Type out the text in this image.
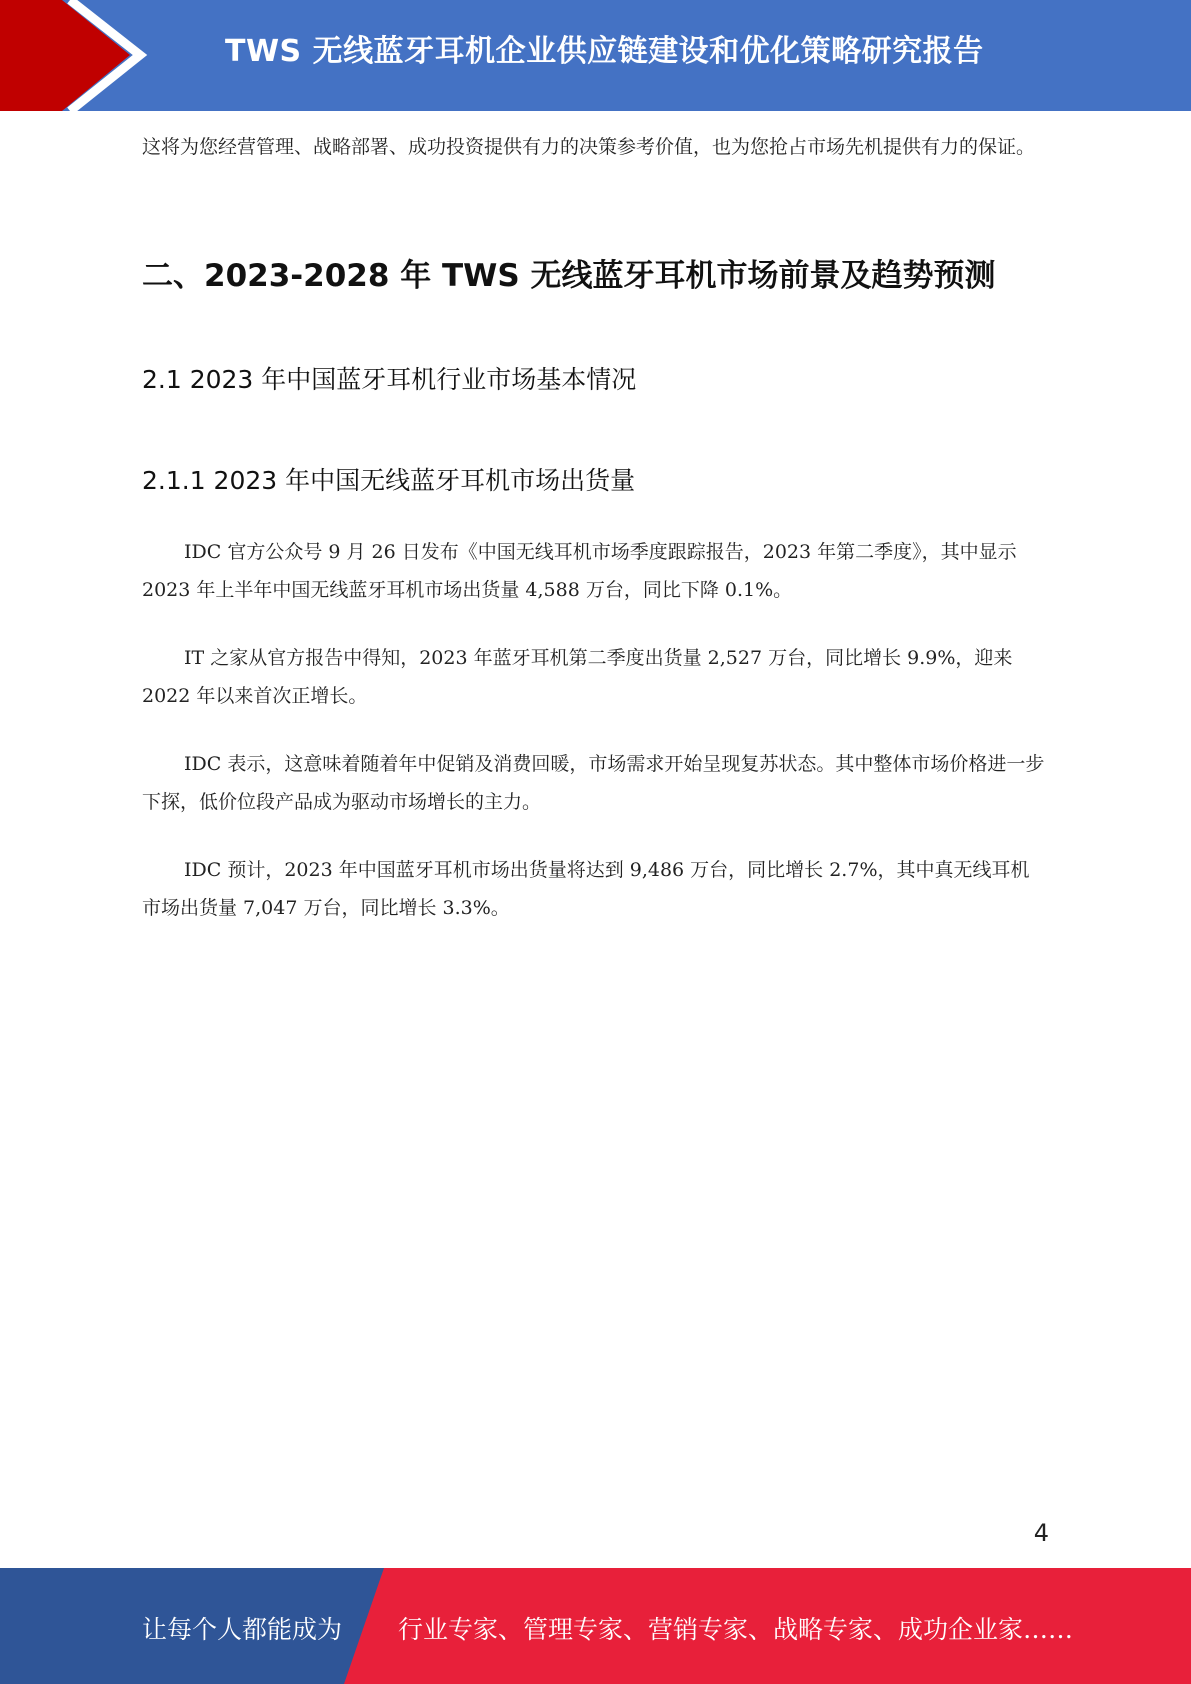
TWS 无线蓝牙耳机企业供应链建设和优化策略研究报告

这将为您经营管理、战略部署、成功投资提供有力的决策参考价值，也为您抢占市场先机提供有力的保证。

二、2023-2028 年 TWS 无线蓝牙耳机市场前景及趋势预测
2.1 2023 年中国蓝牙耳机行业市场基本情况
2.1.1 2023 年中国无线蓝牙耳机市场出货量

IDC 官方公众号 9 月 26 日发布《中国无线耳机市场季度跟踪报告，2023 年第二季度》，其中显示 2023 年上半年中国无线蓝牙耳机市场出货量 4,588 万台，同比下降 0.1%。

IT 之家从官方报告中得知，2023 年蓝牙耳机第二季度出货量 2,527 万台，同比增长 9.9%，迎来 2022 年以来首次正增长。

IDC 表示，这意味着随着年中促销及消费回暖，市场需求开始呈现复苏状态。其中整体市场价格进一步下探，低价位段产品成为驱动市场增长的主力。

IDC 预计，2023 年中国蓝牙耳机市场出货量将达到 9,486 万台，同比增长 2.7%，其中真无线耳机市场出货量 7,047 万台，同比增长 3.3%。

4
让每个人都能成为 行业专家、管理专家、营销专家、战略专家、成功企业家……
